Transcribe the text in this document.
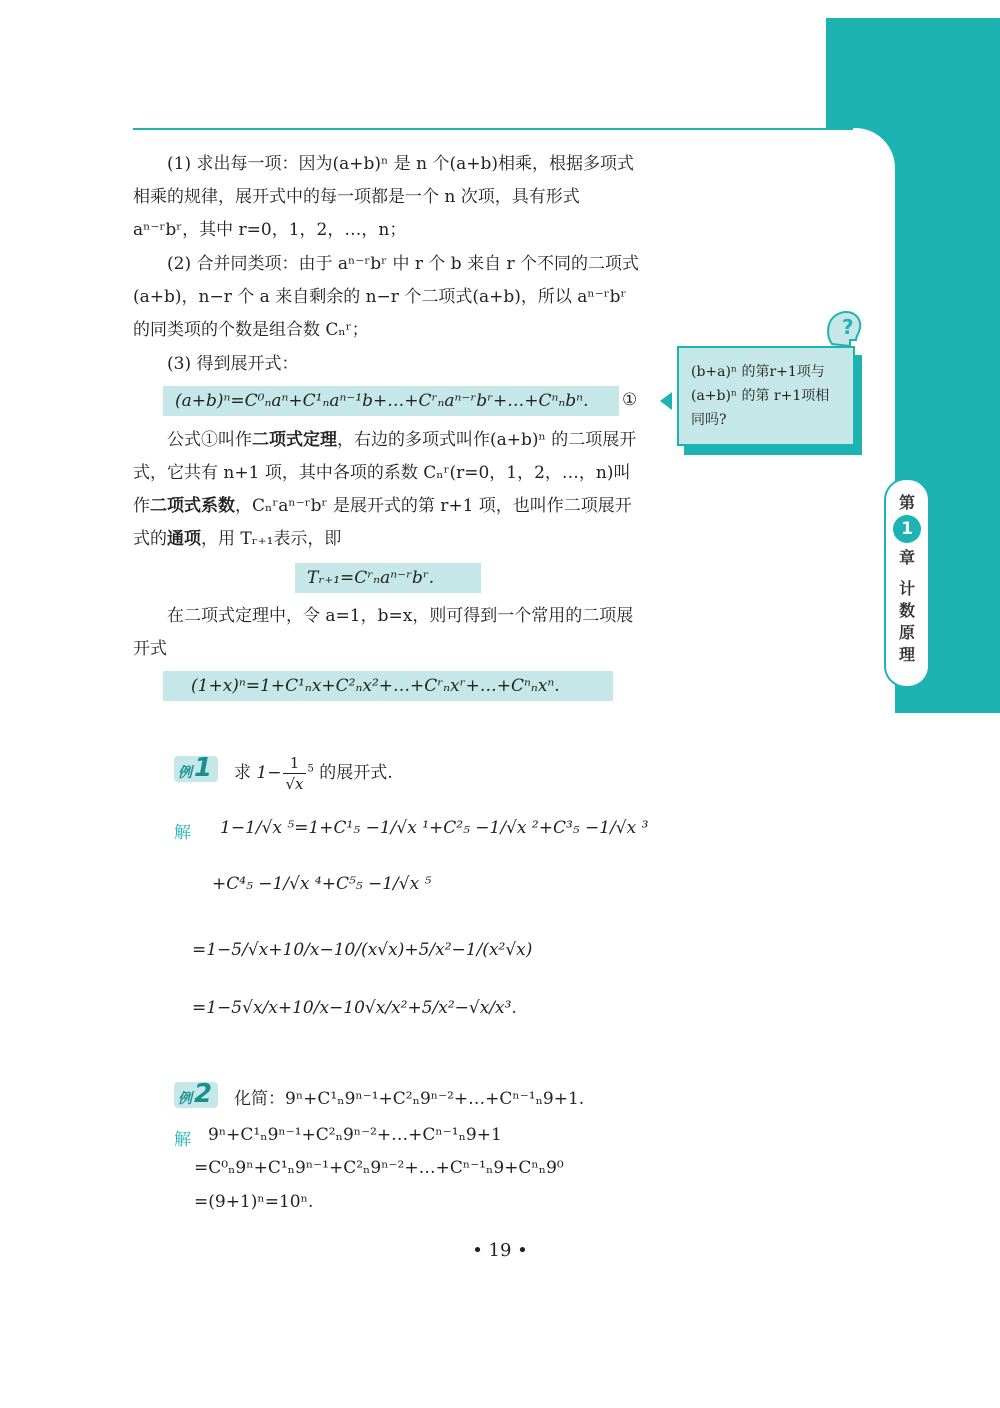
(1) 求出每一项：因为(a+b)ⁿ 是 n 个(a+b)相乘，根据多项式相乘的规律，展开式中的每一项都是一个 n 次项，具有形式 aⁿ⁻ʳbʳ，其中 r=0，1，2，…，n；

(2) 合并同类项：由于 aⁿ⁻ʳbʳ 中 r 个 b 来自 r 个不同的二项式(a+b)，n−r 个 a 来自剩余的 n−r 个二项式(a+b)，所以 aⁿ⁻ʳbʳ 的同类项的个数是组合数 Cₙʳ；

(3) 得到展开式：

(a+b)ⁿ=C⁰ₙaⁿ+C¹ₙaⁿ⁻¹b+…+Cʳₙaⁿ⁻ʳbʳ+…+Cⁿₙbⁿ.	①

公式①叫作二项式定理，右边的多项式叫作(a+b)ⁿ 的二项展开式，它共有 n+1 项，其中各项的系数 Cₙʳ(r=0，1，2，…，n)叫作二项式系数，Cₙʳaⁿ⁻ʳbʳ 是展开式的第 r+1 项，也叫作二项展开式的通项，用 Tᵣ₊₁表示，即

Tᵣ₊₁=Cʳₙaⁿ⁻ʳbʳ.

在二项式定理中，令 a=1，b=x，则可得到一个常用的二项展开式

(1+x)ⁿ=1+C¹ₙx+C²ₙx²+…+Cʳₙxʳ+…+Cⁿₙxⁿ.
(b+a)ⁿ 的第r+1项与(a+b)ⁿ 的第 r+1项相同吗?
?
第
1
章
计数原理
例 1 求 $1- \frac{1}{√x} ^5$ 的展开式.
解 1−1/√x ⁵=1+C¹₅ −1/√x ¹+C²₅ −1/√x ²+C³₅ −1/√x ³
+C⁴₅ −1/√x ⁴+C⁵₅ −1/√x ⁵
=1−5/√x+10/x−10/(x√x)+5/x²−1/(x²√x)
=1−5√x/x+10/x−10√x/x²+5/x²−√x/x³.
例 2 化简：9ⁿ+C¹ₙ9ⁿ⁻¹+C²ₙ9ⁿ⁻²+…+Cⁿ⁻¹ₙ9+1.
解 9ⁿ+C¹ₙ9ⁿ⁻¹+C²ₙ9ⁿ⁻²+…+Cⁿ⁻¹ₙ9+1
=C⁰ₙ9ⁿ+C¹ₙ9ⁿ⁻¹+C²ₙ9ⁿ⁻²+…+Cⁿ⁻¹ₙ9+Cⁿₙ9⁰
=(9+1)ⁿ=10ⁿ.
• 19 •
